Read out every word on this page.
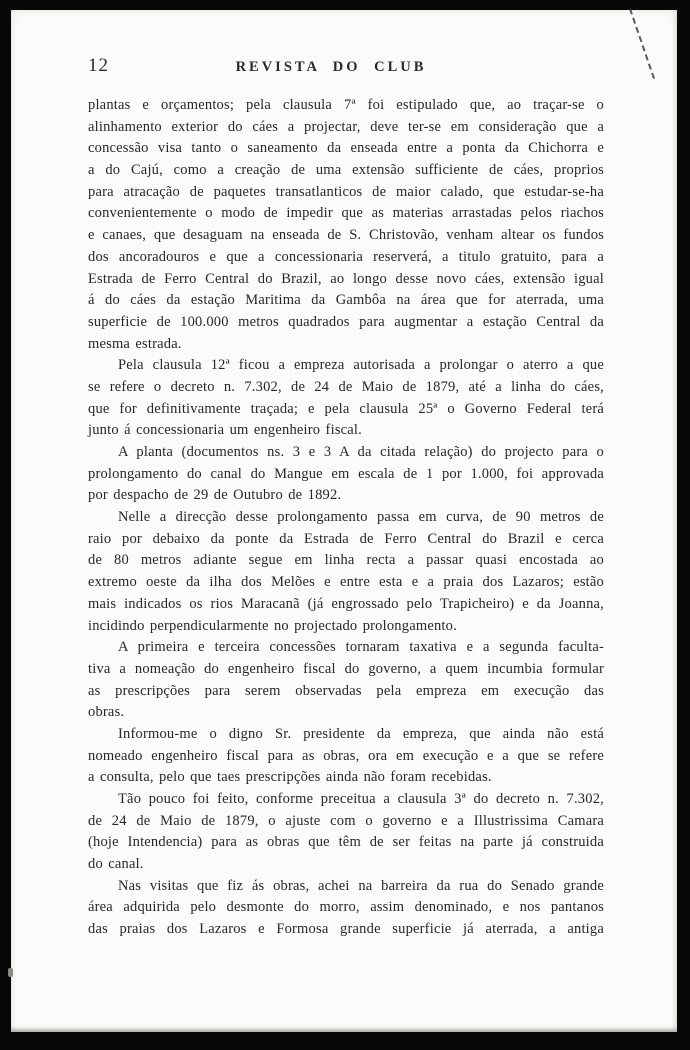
12	REVISTA DO CLUB
plantas e orçamentos; pela clausula 7ª foi estipulado que, ao traçar-se o
alinhamento exterior do cáes a projectar, deve ter-se em consideração que a
concessão visa tanto o saneamento da enseada entre a ponta da Chichorra e
a do Cajú, como a creação de uma extensão sufficiente de cáes, proprios
para atracação de paquetes transatlanticos de maior calado, que estudar-se-ha
convenientemente o modo de impedir que as materias arrastadas pelos riachos
e canaes, que desaguam na enseada de S. Christovão, venham altear os fundos
dos ancoradouros e que a concessionaria reserverá, a titulo gratuito, para a
Estrada de Ferro Central do Brazil, ao longo desse novo cáes, extensão igual
á do cáes da estação Maritima da Gambôa na área que for aterrada, uma
superficie de 100.000 metros quadrados para augmentar a estação Central da
mesma estrada.
Pela clausula 12ª ficou a empreza autorisada a prolongar o aterro a que
se refere o decreto n. 7.302, de 24 de Maio de 1879, até a linha do cáes,
que for definitivamente traçada; e pela clausula 25ª o Governo Federal terá
junto á concessionaria um engenheiro fiscal.
A planta (documentos ns. 3 e 3 A da citada relação) do projecto para o
prolongamento do canal do Mangue em escala de 1 por 1.000, foi approvada
por despacho de 29 de Outubro de 1892.
Nelle a direcção desse prolongamento passa em curva, de 90 metros de
raio por debaixo da ponte da Estrada de Ferro Central do Brazil e cerca
de 80 metros adiante segue em linha recta a passar quasi encostada ao
extremo oeste da ilha dos Melões e entre esta e a praia dos Lazaros; estão
mais indicados os rios Maracanã (já engrossado pelo Trapicheiro) e da Joanna,
incidindo perpendicularmente no projectado prolongamento.
A primeira e terceira concessões tornaram taxativa e a segunda faculta-
tiva a nomeação do engenheiro fiscal do governo, a quem incumbia formular
as prescripções para serem observadas pela empreza em execução das
obras.
Informou-me o digno Sr. presidente da empreza, que ainda não está
nomeado engenheiro fiscal para as obras, ora em execução e a que se refere
a consulta, pelo que taes prescripções ainda não foram recebidas.
Tão pouco foi feito, conforme preceitua a clausula 3ª do decreto n. 7.302,
de 24 de Maio de 1879, o ajuste com o governo e a Illustrissima Camara
(hoje Intendencia) para as obras que têm de ser feitas na parte já construida
do canal.
Nas visitas que fiz ás obras, achei na barreira da rua do Senado grande
área adquirida pelo desmonte do morro, assim denominado, e nos pantanos
das praias dos Lazaros e Formosa grande superficie já aterrada, a antiga
